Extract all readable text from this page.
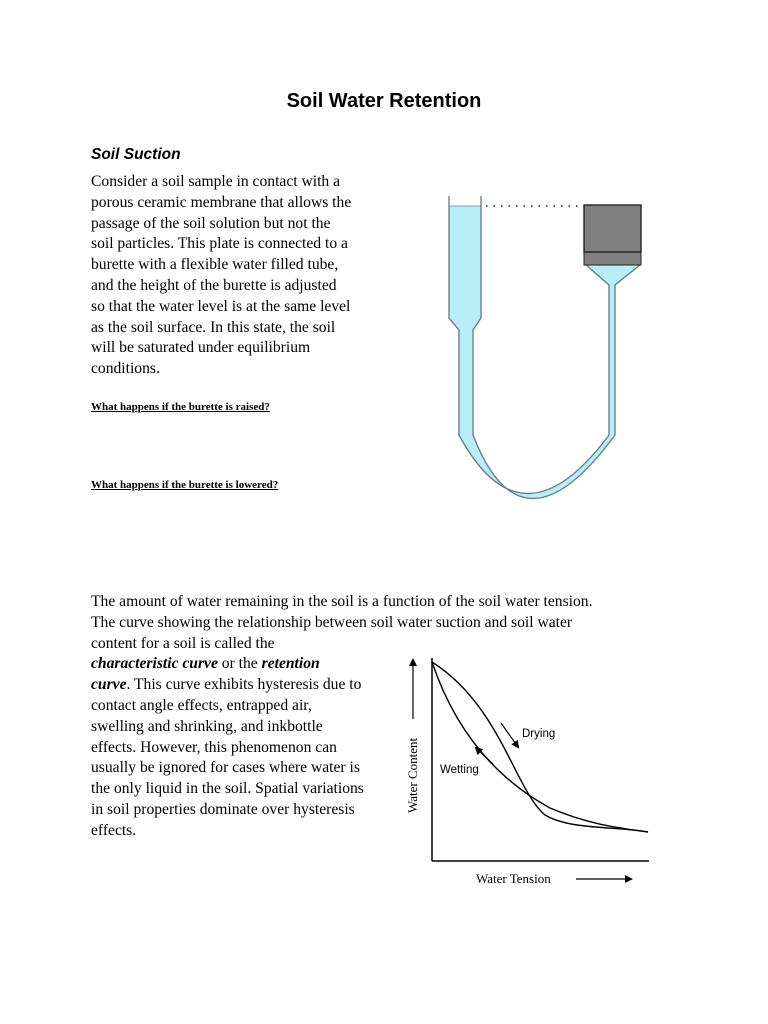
Soil Water Retention
Soil Suction
Consider a soil sample in contact with a
porous ceramic membrane that allows the
passage of the soil solution but not the
soil particles. This plate is connected to a
burette with a flexible water filled tube,
and the height of the burette is adjusted
so that the water level is at the same level
as the soil surface. In this state, the soil
will be saturated under equilibrium
conditions.
What happens if the burette is raised?
What happens if the burette is lowered?
The amount of water remaining in the soil is a function of the soil water tension.
The curve showing the relationship between soil water suction and soil water
content for a soil is called the
characteristic curve or the retention
curve. This curve exhibits hysteresis due to
contact angle effects, entrapped air,
swelling and shrinking, and inkbottle
effects. However, this phenomenon can
usually be ignored for cases where water is
the only liquid in the soil. Spatial variations
in soil properties dominate over hysteresis
effects.
Drying
Wetting
Water Content
Water Tension
